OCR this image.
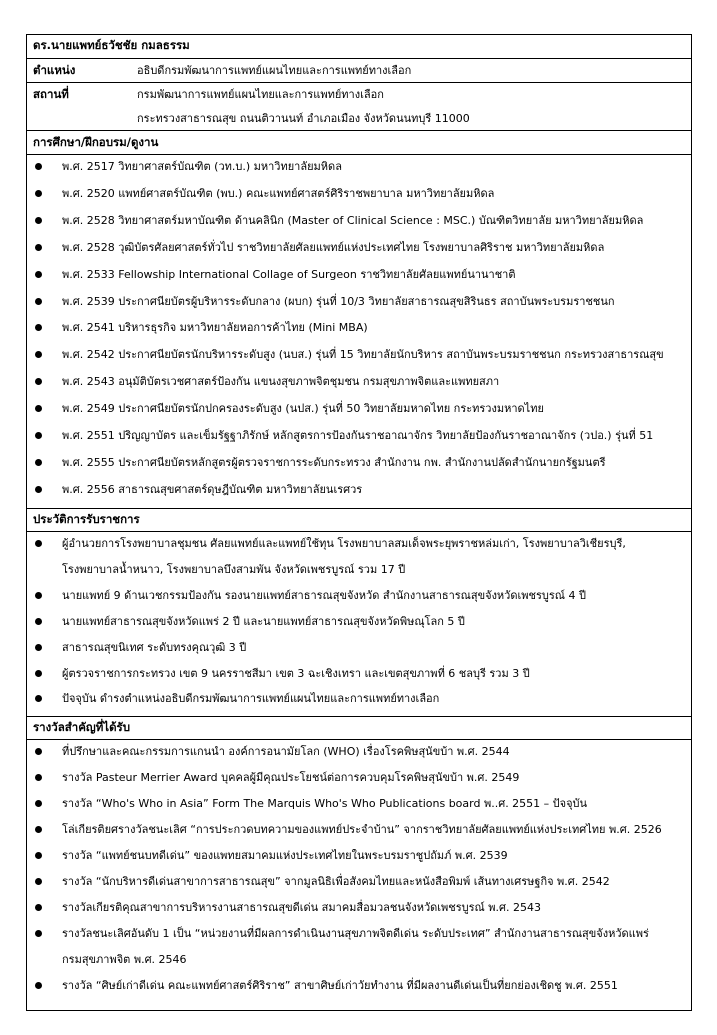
ดร.นายแพทย์ธวัชชัย กมลธรรม
ตำแหน่ง	อธิบดีกรมพัฒนาการแพทย์แผนไทยและการแพทย์ทางเลือก
สถานที่	กรมพัฒนาการแพทย์แผนไทยและการแพทย์ทางเลือก
กระทรวงสาธารณสุข ถนนติวานนท์ อำเภอเมือง จังหวัดนนทบุรี 11000
การศึกษา/ฝึกอบรม/ดูงาน
พ.ศ. 2517 วิทยาศาสตร์บัณฑิต (วท.บ.) มหาวิทยาลัยมหิดล
พ.ศ. 2520 แพทย์ศาสตร์บัณฑิต (พบ.) คณะแพทย์ศาสตร์ศิริราชพยาบาล มหาวิทยาลัยมหิดล
พ.ศ. 2528 วิทยาศาสตร์มหาบัณฑิต ด้านคลินิก (Master of Clinical Science : MSC.) บัณฑิตวิทยาลัย มหาวิทยาลัยมหิดล
พ.ศ. 2528 วุฒิบัตรศัลยศาสตร์ทั่วไป ราชวิทยาลัยศัลยแพทย์แห่งประเทศไทย โรงพยาบาลศิริราช มหาวิทยาลัยมหิดล
พ.ศ. 2533 Fellowship International Collage of Surgeon ราชวิทยาลัยศัลยแพทย์นานาชาติ
พ.ศ. 2539 ประกาศนียบัตรผู้บริหารระดับกลาง (ผบก) รุ่นที่ 10/3 วิทยาลัยสาธารณสุขสิรินธร สถาบันพระบรมราชชนก
พ.ศ. 2541 บริหารธุรกิจ มหาวิทยาลัยหอการค้าไทย (Mini MBA)
พ.ศ. 2542 ประกาศนียบัตรนักบริหารระดับสูง (นบส.) รุ่นที่ 15 วิทยาลัยนักบริหาร สถาบันพระบรมราชชนก กระทรวงสาธารณสุข
พ.ศ. 2543 อนุมัติบัตรเวชศาสตร์ป้องกัน แขนงสุขภาพจิตชุมชน กรมสุขภาพจิตและแพทยสภา
พ.ศ. 2549 ประกาศนียบัตรนักปกครองระดับสูง (นปส.) รุ่นที่ 50 วิทยาลัยมหาดไทย กระทรวงมหาดไทย
พ.ศ. 2551 ปริญญาบัตร และเข็มรัฐฐาภิรักษ์ หลักสูตรการป้องกันราชอาณาจักร วิทยาลัยป้องกันราชอาณาจักร (วปอ.) รุ่นที่ 51
พ.ศ. 2555 ประกาศนียบัตรหลักสูตรผู้ตรวจราชการระดับกระทรวง สำนักงาน กพ. สำนักงานปลัดสำนักนายกรัฐมนตรี
พ.ศ. 2556 สาธารณสุขศาสตร์ดุษฎีบัณฑิต มหาวิทยาลัยนเรศวร
ประวัติการรับราชการ
ผู้อำนวยการโรงพยาบาลชุมชน ศัลยแพทย์และแพทย์ใช้ทุน โรงพยาบาลสมเด็จพระยุพราชหล่มเก่า, โรงพยาบาลวิเชียรบุรี,
โรงพยาบาลน้ำหนาว, โรงพยาบาลบึงสามพัน จังหวัดเพชรบูรณ์ รวม 17 ปี
นายแพทย์ 9 ด้านเวชกรรมป้องกัน รองนายแพทย์สาธารณสุขจังหวัด สำนักงานสาธารณสุขจังหวัดเพชรบูรณ์ 4 ปี
นายแพทย์สาธารณสุขจังหวัดแพร่ 2 ปี และนายแพทย์สาธารณสุขจังหวัดพิษณุโลก 5 ปี
สาธารณสุขนิเทศ ระดับทรงคุณวุฒิ 3 ปี
ผู้ตรวจราชการกระทรวง เขต 9 นครราชสีมา เขต 3 ฉะเชิงเทรา และเขตสุขภาพที่ 6 ชลบุรี รวม 3 ปี
ปัจจุบัน ดำรงตำแหน่งอธิบดีกรมพัฒนาการแพทย์แผนไทยและการแพทย์ทางเลือก
รางวัลสำคัญที่ได้รับ
ที่ปรึกษาและคณะกรรมการแกนนำ องค์การอนามัยโลก (WHO) เรื่องโรคพิษสุนัขบ้า พ.ศ. 2544
รางวัล Pasteur Merrier Award บุคคลผู้มีคุณประโยชน์ต่อการควบคุมโรคพิษสุนัขบ้า พ.ศ. 2549
รางวัล “Who's Who in Asia” Form The Marquis Who's Who Publications board พ..ศ. 2551 – ปัจจุบัน
โล่เกียรติยศรางวัลชนะเลิศ “การประกวดบทความของแพทย์ประจำบ้าน” จากราชวิทยาลัยศัลยแพทย์แห่งประเทศไทย พ.ศ. 2526
รางวัล “แพทย์ชนบทดีเด่น” ของแพทยสมาคมแห่งประเทศไทยในพระบรมราชูปถัมภ์ พ.ศ. 2539
รางวัล “นักบริหารดีเด่นสาขาการสาธารณสุข” จากมูลนิธิเพื่อสังคมไทยและหนังสือพิมพ์ เส้นทางเศรษฐกิจ พ.ศ. 2542
รางวัลเกียรติคุณสาขาการบริหารงานสาธารณสุขดีเด่น สมาคมสื่อมวลชนจังหวัดเพชรบูรณ์ พ.ศ. 2543
รางวัลชนะเลิศอันดับ 1 เป็น “หน่วยงานที่มีผลการดำเนินงานสุขภาพจิตดีเด่น ระดับประเทศ” สำนักงานสาธารณสุขจังหวัดแพร่
กรมสุขภาพจิต พ.ศ. 2546
รางวัล “ศิษย์เก่าดีเด่น คณะแพทย์ศาสตร์ศิริราช” สาขาศิษย์เก่าวัยทำงาน ที่มีผลงานดีเด่นเป็นที่ยกย่องเชิดชู พ.ศ. 2551
